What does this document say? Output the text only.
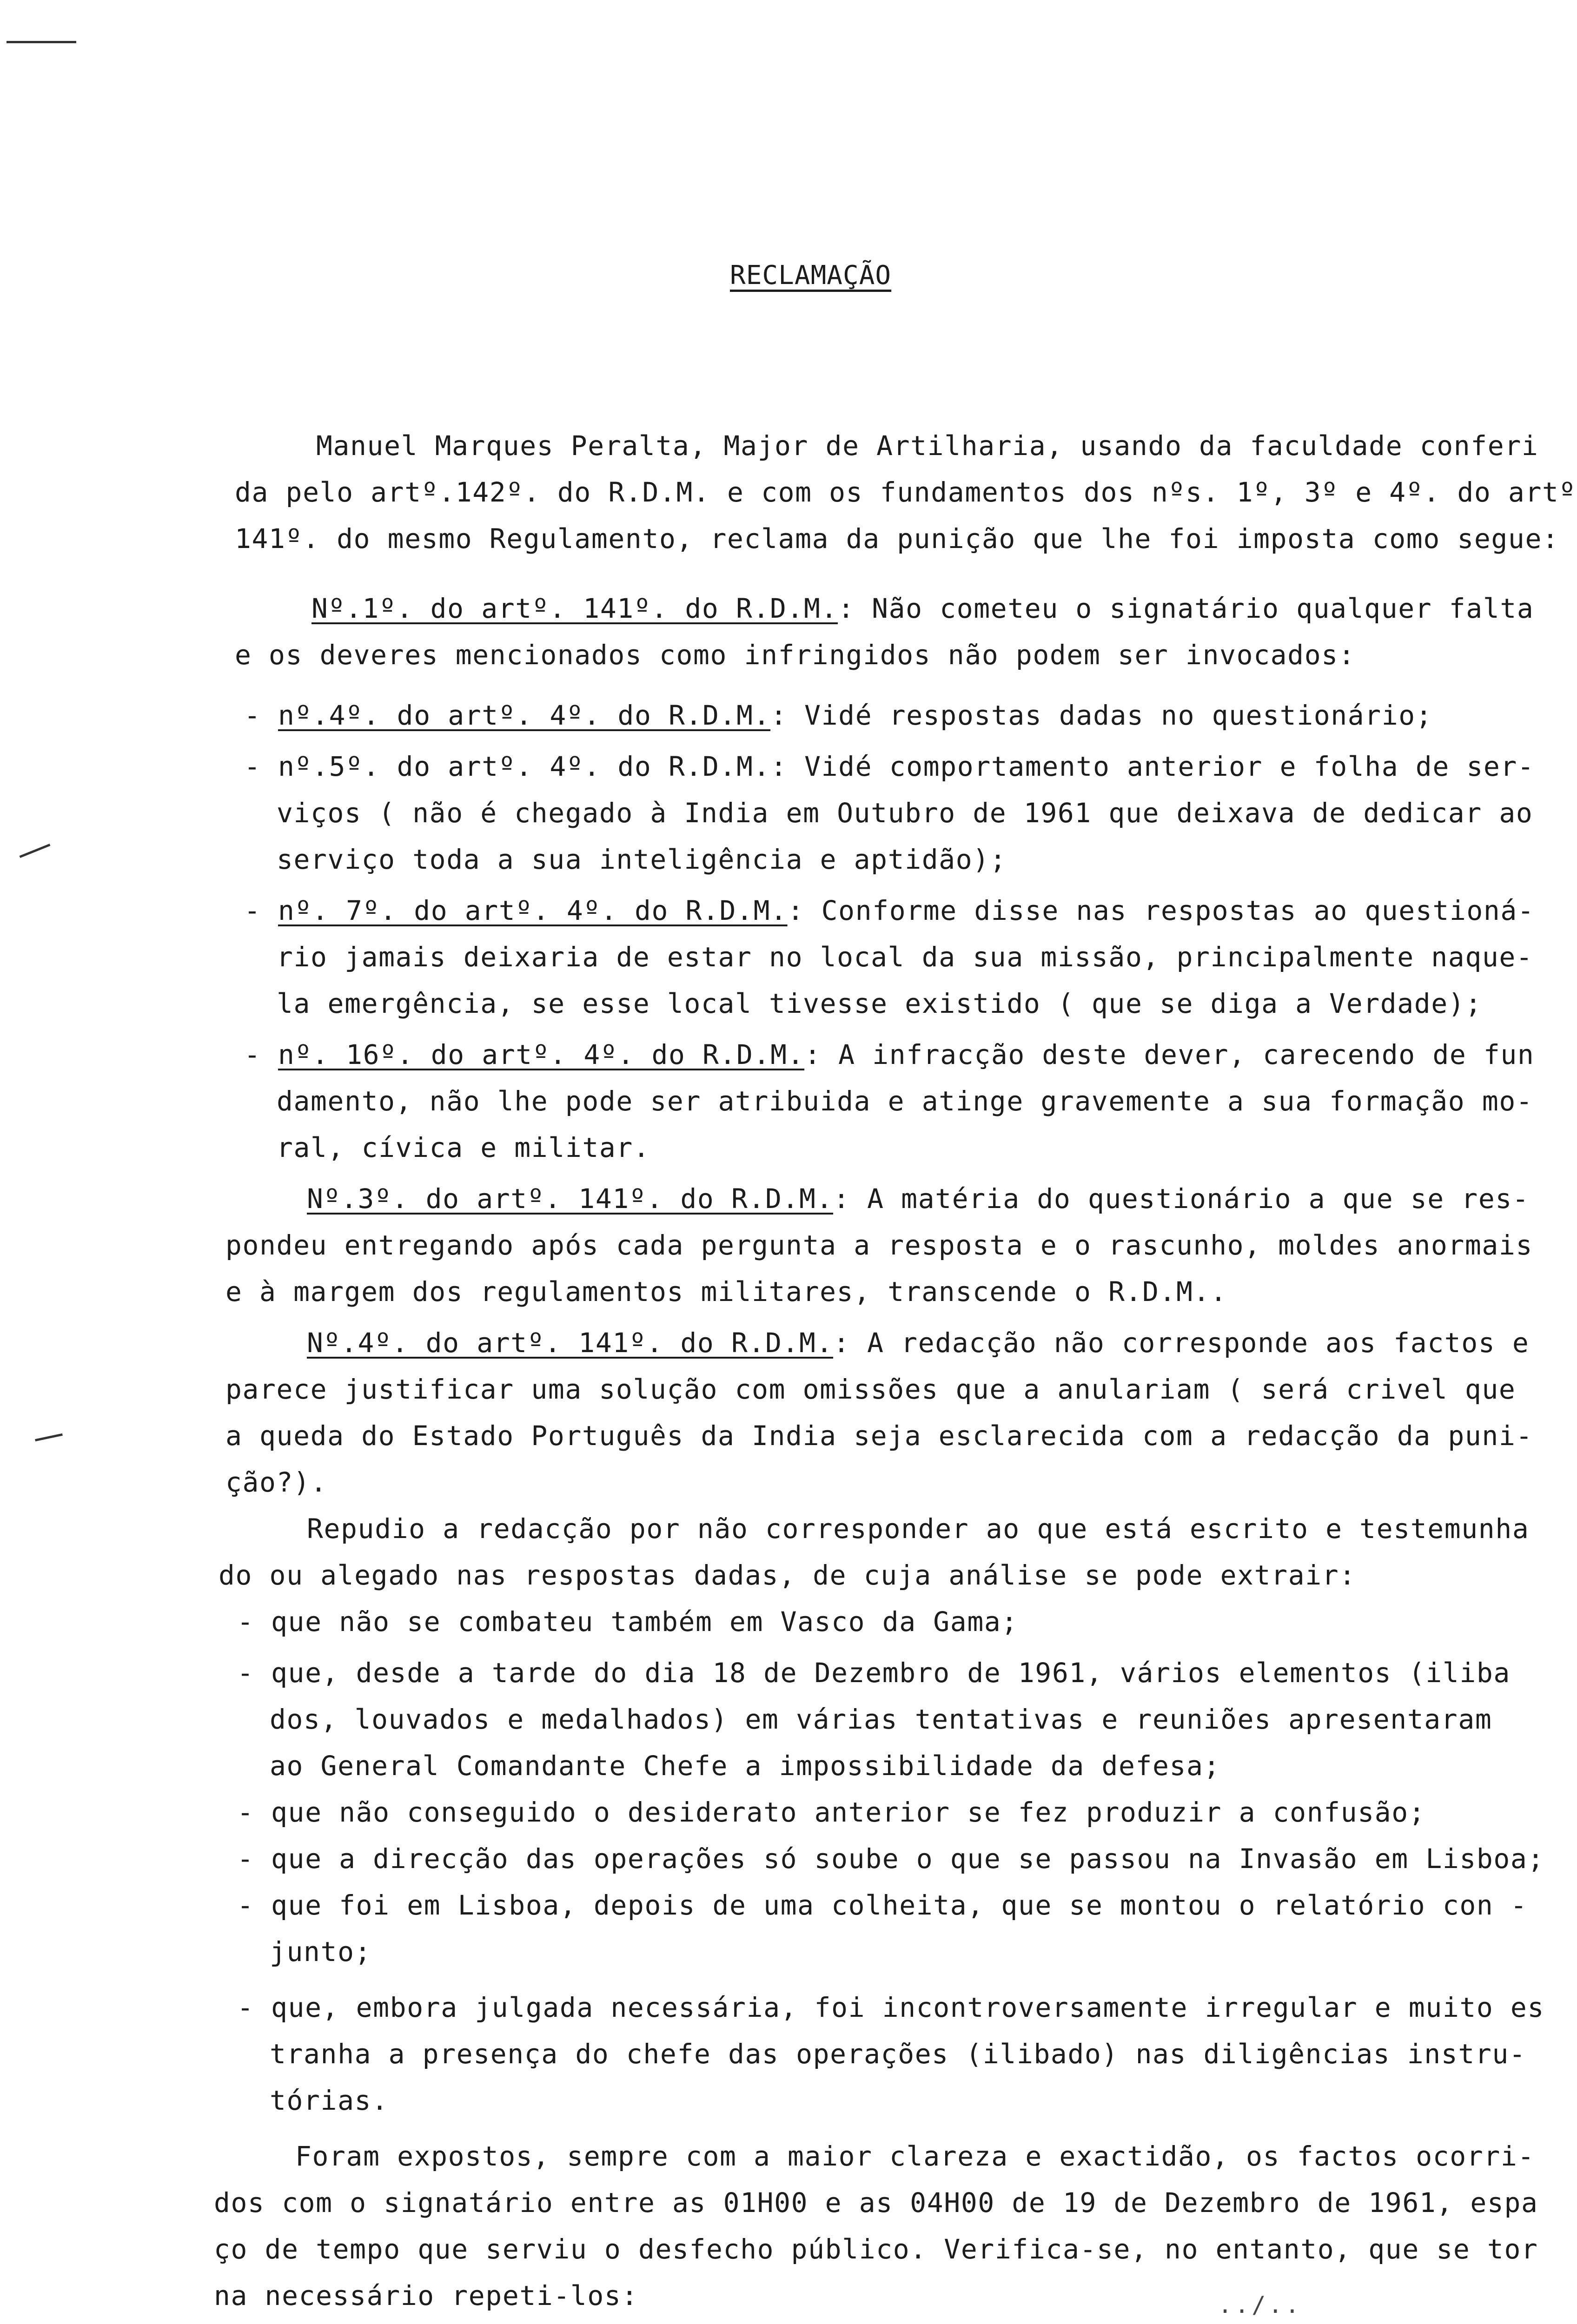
RECLAMAÇÃO
Manuel Marques Peralta, Major de Artilharia, usando da faculdade conferi
da pelo artº.142º. do R.D.M. e com os fundamentos dos nºs. 1º, 3º e 4º. do artº
141º. do mesmo Regulamento, reclama da punição que lhe foi imposta como segue:
Nº.1º. do artº. 141º. do R.D.M.: Não cometeu o signatário qualquer falta
e os deveres mencionados como infringidos não podem ser invocados:
- nº.4º. do artº. 4º. do R.D.M.: Vidé respostas dadas no questionário;
- nº.5º. do artº. 4º. do R.D.M.: Vidé comportamento anterior e folha de ser-
viços ( não é chegado à India em Outubro de 1961 que deixava de dedicar ao
serviço toda a sua inteligência e aptidão);
- nº. 7º. do artº. 4º. do R.D.M.: Conforme disse nas respostas ao questioná-
rio jamais deixaria de estar no local da sua missão, principalmente naque-
la emergência, se esse local tivesse existido ( que se diga a Verdade);
- nº. 16º. do artº. 4º. do R.D.M.: A infracção deste dever, carecendo de fun
damento, não lhe pode ser atribuida e atinge gravemente a sua formação mo-
ral, cívica e militar.
Nº.3º. do artº. 141º. do R.D.M.: A matéria do questionário a que se res-
pondeu entregando após cada pergunta a resposta e o rascunho, moldes anormais
e à margem dos regulamentos militares, transcende o R.D.M..
Nº.4º. do artº. 141º. do R.D.M.: A redacção não corresponde aos factos e
parece justificar uma solução com omissões que a anulariam ( será crivel que
a queda do Estado Português da India seja esclarecida com a redacção da puni-
ção?).
Repudio a redacção por não corresponder ao que está escrito e testemunha
do ou alegado nas respostas dadas, de cuja análise se pode extrair:
- que não se combateu também em Vasco da Gama;
- que, desde a tarde do dia 18 de Dezembro de 1961, vários elementos (iliba
dos, louvados e medalhados) em várias tentativas e reuniões apresentaram
ao General Comandante Chefe a impossibilidade da defesa;
- que não conseguido o desiderato anterior se fez produzir a confusão;
- que a direcção das operações só soube o que se passou na Invasão em Lisboa;
- que foi em Lisboa, depois de uma colheita, que se montou o relatório con -
junto;
- que, embora julgada necessária, foi incontroversamente irregular e muito es
tranha a presença do chefe das operações (ilibado) nas diligências instru-
tórias.
Foram expostos, sempre com a maior clareza e exactidão, os factos ocorri-
dos com o signatário entre as 01H00 e as 04H00 de 19 de Dezembro de 1961, espa
ço de tempo que serviu o desfecho público. Verifica-se, no entanto, que se tor
na necessário repeti-los:	../..
